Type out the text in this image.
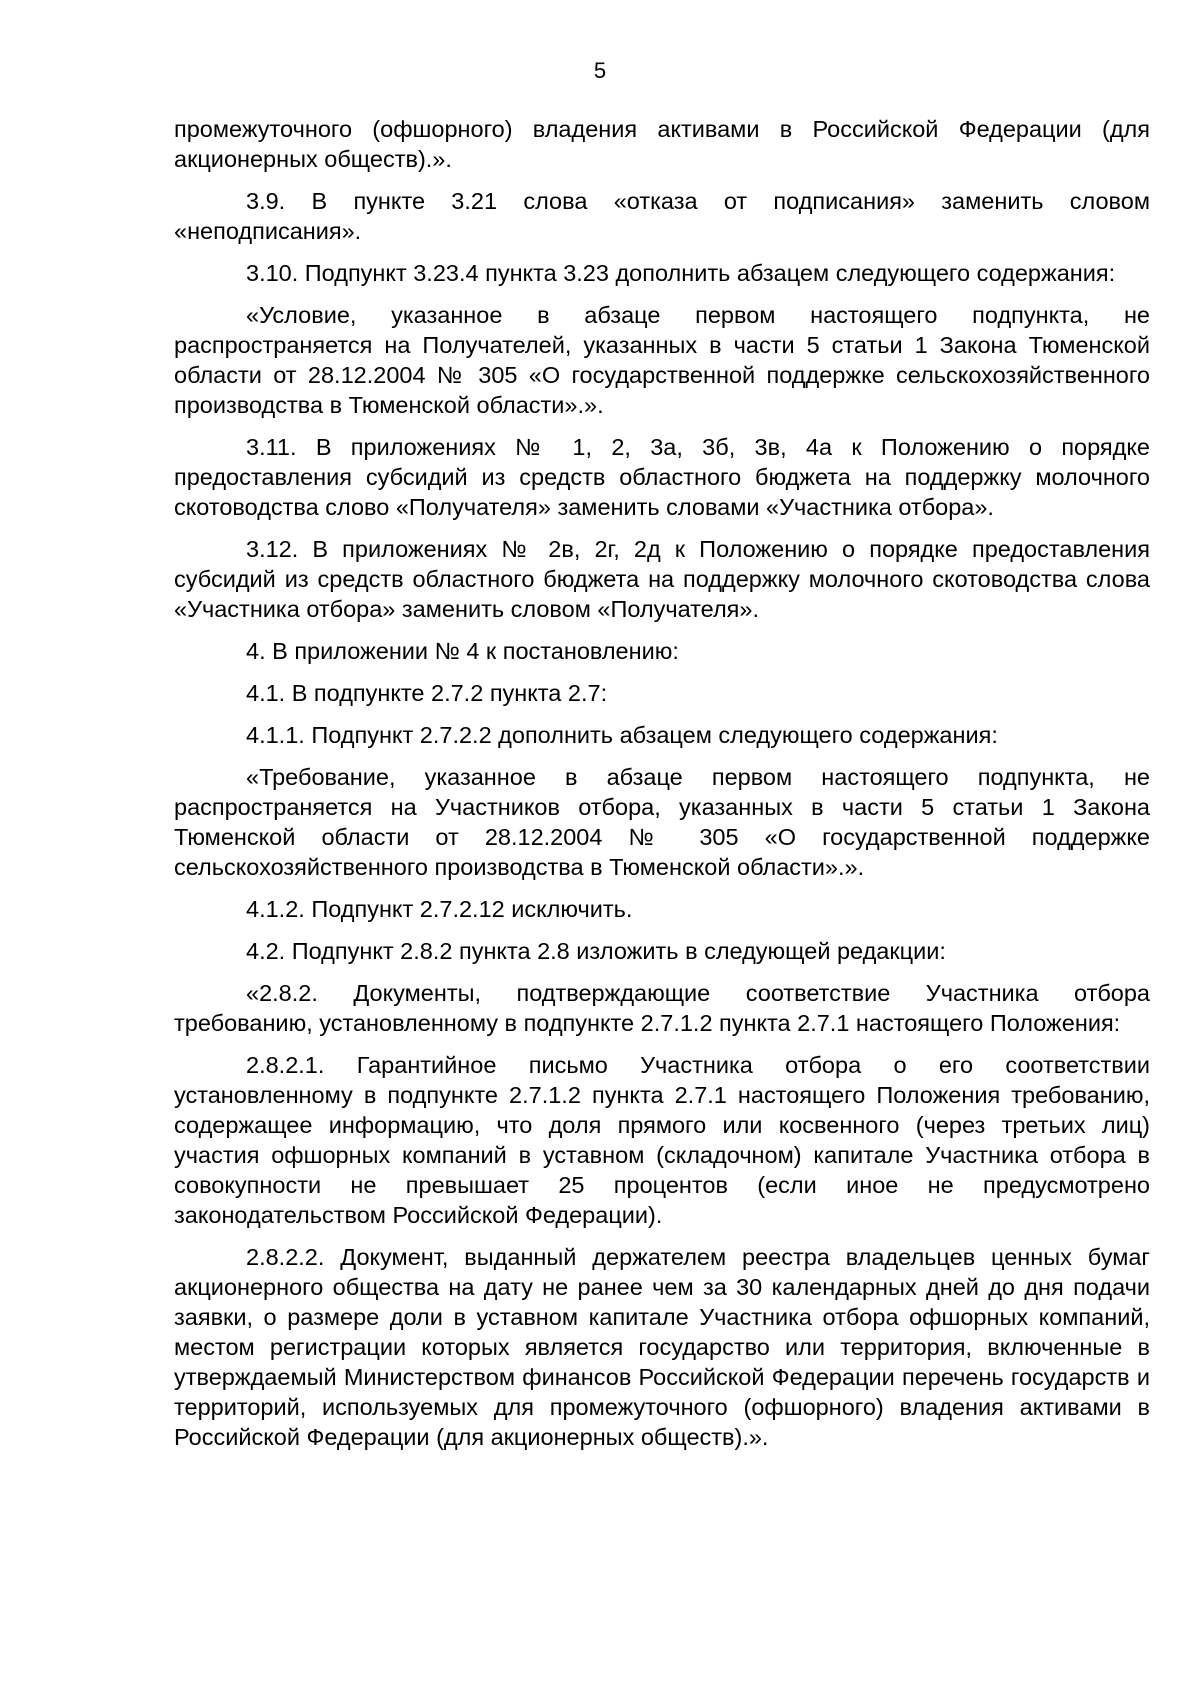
5

промежуточного (офшорного) владения активами в Российской Федерации (для акционерных обществ).».

3.9. В пункте 3.21 слова «отказа от подписания» заменить словом «неподписания».

3.10. Подпункт 3.23.4 пункта 3.23 дополнить абзацем следующего содержания:

«Условие, указанное в абзаце первом настоящего подпункта, не распространяется на Получателей, указанных в части 5 статьи 1 Закона Тюменской области от 28.12.2004 № 305 «О государственной поддержке сельскохозяйственного производства в Тюменской области».».

3.11. В приложениях № 1, 2, 3а, 3б, 3в, 4а к Положению о порядке предоставления субсидий из средств областного бюджета на поддержку молочного скотоводства слово «Получателя» заменить словами «Участника отбора».

3.12. В приложениях № 2в, 2г, 2д к Положению о порядке предоставления субсидий из средств областного бюджета на поддержку молочного скотоводства слова «Участника отбора» заменить словом «Получателя».

4. В приложении № 4 к постановлению:

4.1. В подпункте 2.7.2 пункта 2.7:

4.1.1. Подпункт 2.7.2.2 дополнить абзацем следующего содержания:

«Требование, указанное в абзаце первом настоящего подпункта, не распространяется на Участников отбора, указанных в части 5 статьи 1 Закона Тюменской области от 28.12.2004 № 305 «О государственной поддержке сельскохозяйственного производства в Тюменской области».».

4.1.2. Подпункт 2.7.2.12 исключить.

4.2. Подпункт 2.8.2 пункта 2.8 изложить в следующей редакции:

«2.8.2. Документы, подтверждающие соответствие Участника отбора требованию, установленному в подпункте 2.7.1.2 пункта 2.7.1 настоящего Положения:

2.8.2.1. Гарантийное письмо Участника отбора о его соответствии установленному в подпункте 2.7.1.2 пункта 2.7.1 настоящего Положения требованию, содержащее информацию, что доля прямого или косвенного (через третьих лиц) участия офшорных компаний в уставном (складочном) капитале Участника отбора в совокупности не превышает 25 процентов (если иное не предусмотрено законодательством Российской Федерации).

2.8.2.2. Документ, выданный держателем реестра владельцев ценных бумаг акционерного общества на дату не ранее чем за 30 календарных дней до дня подачи заявки, о размере доли в уставном капитале Участника отбора офшорных компаний, местом регистрации которых является государство или территория, включенные в утверждаемый Министерством финансов Российской Федерации перечень государств и территорий, используемых для промежуточного (офшорного) владения активами в Российской Федерации (для акционерных обществ).».
